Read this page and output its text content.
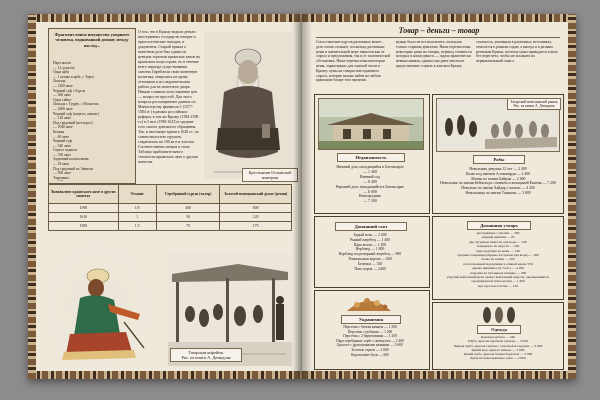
Фрагмент описи имущества умершего человека, подкованной доману между наслед...
Пара волов
— 12 дукатов
Одна арба
— 1 кошка в арбе, с Тарга
Лошадь
— 1200 акче
Черный суф с Бурсы
— 360 акче
Одна сайка-
Лошадь с Гурдю, с Молнешь
— 1600 акче
Черный суф (шерсть, кевлит)
— 120 акче
Под градовый (несторос)
— 1040 акче
Колкан
— 60 акче
Черный суф
— 540 акче
Серьга подвеса
— 350 акче
Здоровый колокольчик
— 18 акче
Под градовый из Эмвезза
— 500 акче
Таразанка

О том, что в Крыму водили деньги иностранных государств говорят и археологические находки, и документы. Старый приказ о монетном деле был одним из центров торговли крымских ханов на крымском полуострове, но в течение всего периода существования ханства Гирей вели свою монетную политику, опирались на права оттоманов и исследовательская работа для их монетного двора. Иными словами сопоставление цен — вопрос не простой. Для этого вопроса рассматривают данные по Министерству финансов 1 (1577-1584 гг.) в рамках российских реформ; в том же Крыму (1584-1598 гг.) в 3 ак в (1598-1623) в средине того самого денежного обращения. Так, в настоящее время в 1620 гг., по совместимостью гурушев, сократилась на 100 ак в и золотая. Соответственно меняла и свою Таблица приблизительного стоимости крымского акче к другим монетам.
Крестьянин Османской империи
Эквивалент крымского акче в других монетах	Османе	Серебряный гуруш (талер)	Золотой венецианский дукат (цехин)
1598	1/0	400	600
1610	1	50	120
1598	1.5	75	175
Татарская кофейня.
Рис. из книги А. Демидова
Товар – деньги – товар
Сопоставление курсов различных монет – дело очень сложное, поскольку различные цены в значительной мере зависели как от спроса и предложения, так и от политической обстановки. Ниже перечислены некоторые цены, характерные для ханской эпохи в Крыму: цены на товары повседневного спроса, которые можно найти на любом крымском базаре того времени.
нужно было не все выплатить, пользуясь только старыми деньгами. Ниже перечислены некоторые цены на товары, перевод стоимости которых в наши деньги — задача практически невыполнимая, однако они дают неплохое представление о ценах в ханском Крыму.
стоимость, указанная в различных источниках, относится к разным годам, а иногда и к разным регионам Крыма, поэтому цены приводятся в акче без пересчета, чтобы не искажать их первоначальный смысл.
Недвижимость
Нижний дом, находящийся в Бахчисарае
— 1 400
Винный сад
— 8 400
Верхний дом, находящийся в Бахчисарае
— 6 000
Виноградник
— 7 200
Татарский невольничий рынок
Рис. из книги А. Демидова
Рабы
Невольник девушка 12 лет — 2 400
Казак под именем Аллаквирди — 2 400
Абазин по имени Байрам — 2 600
Невольник по имени Бейпольда с именем и женщиной Ёкитин — 7 200
Невольно по имени Хайдар с женою — 4 200
Невольница по имени Таньшин — 3 600
Домашний скот
Бурый волк — 2 400
Рыжий жеребец — 1 400
Пара волов — 1 200
Верблюд — 1 800
Верблюд подтоварный жеребец — 900
Темнорыжая корова — 600
Беличья — 350
Пять коров — 2400
Украшения
Перстень с белым камнем — 1 200
Перстень с рубином — 1 200
Перстень с 2 бирюзовыми — 1 200
Пара серебряных серёг с жемчугом — 2 400
Браслет с драгоценными камнями — 3 600
Золотые серьги — 2 000
Коралловые бусы — 600
Домашняя утварь
два кувшина с ушами — 300
медный кувшин — 20
две чугунные ёмкости для воды — 160
покрывало из шерсти — 240
пара подушек из кожи — 140
средние товарищи (медные кастрюли для воды) — 360
печка из глины — 200
позолоченный подсвечник в длиной кроне 550
дерево вишнёвое (5,74 кг) — 4 200
подушка из пуховиков ягнёнка — 200
упругий войлочный (или одеяло войлочный шерсти, окрашенный по традиционной технологии) — 1 600
вне простые платки — 120
Одежда
Кожаная рубаха — 240
Шуба, крытая красным сукном — 3 640
Черная шуба, крытая сукном с отделкой из кружев — 3 000
Куний мех, крытая тканью — 3 600
Куний шуба, крытая белым бархатом — 3 000
Куша из невольничьего юма — 2 000
